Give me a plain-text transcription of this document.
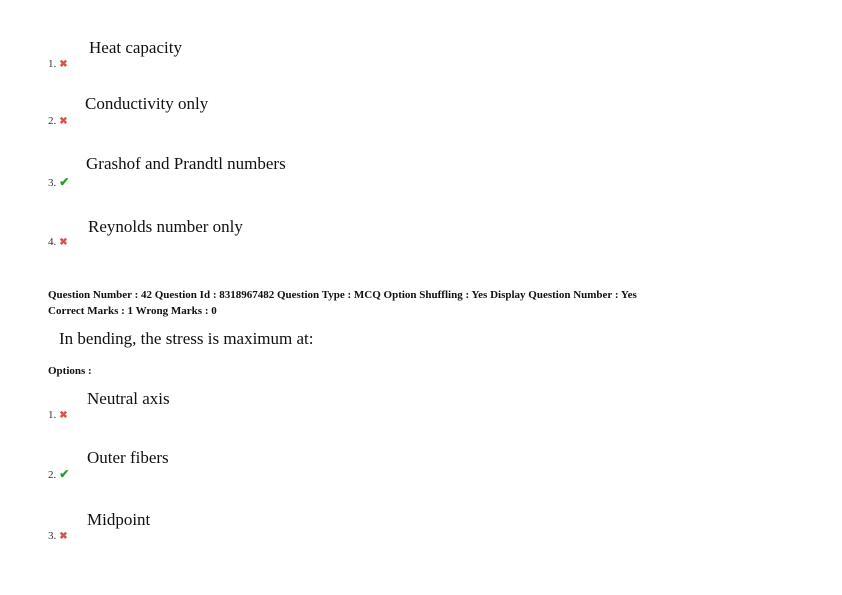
Heat capacity
1. ✖
Conductivity only
2. ✖
Grashof and Prandtl numbers
3. ✔
Reynolds number only
4. ✖
Question Number : 42 Question Id : 8318967482 Question Type : MCQ Option Shuffling : Yes Display Question Number : Yes
Correct Marks : 1 Wrong Marks : 0
In bending, the stress is maximum at:
Options :
Neutral axis
1. ✖
Outer fibers
2. ✔
Midpoint
3. ✖
